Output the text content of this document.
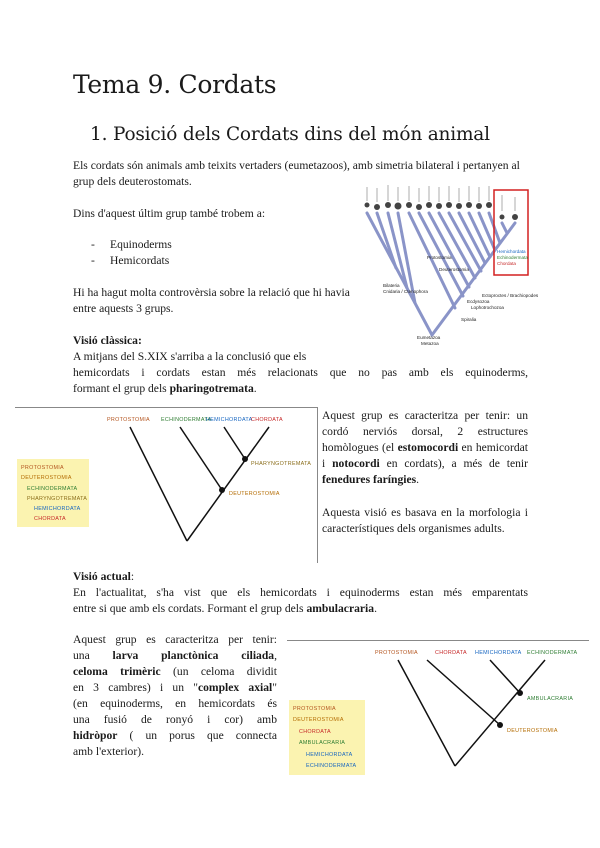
Tema 9. Cordats
1. Posició dels Cordats dins del món animal
Els cordats són animals amb teixits vertaders (eumetazoos), amb simetria bilateral i pertanyen al grup dels deuterostomats.
Dins d'aquest últim grup també trobem a:
- Equinoderms
- Hemicordats
Hi ha hagut molta controvèrsia sobre la relació que hi havia entre aquests 3 grups.
Ectoproctes / Brachiopodes
Deuterostomia
Protostomia
Bilateria
Cnidaria / Ctenophora
Eumetazoa
Ecdysozoa
Lophotrochozoa
Spiralia
Metazoa
Hemichordata
Echinodermata
Chordata
Visió clàssica:
A mitjans del S.XIX s'arriba a la conclusió que els
hemicordats i cordats estan més relacionats que no pas amb els equinoderms,
formant el grup dels pharingotremata.
PROTOSTOMIA ECHINODERMATA
HEMICHORDATA
CHORDATA
PHARYNGOTREMATA
DEUTEROSTOMIA
PROTOSTOMIA
DEUTEROSTOMIA
ECHINODERMATA
PHARYNGOTREMATA
HEMICHORDATA
CHORDATA
Aquest grup es caracteritza per tenir: un cordó nerviós dorsal, 2 estructures homòlogues (el estomocordi en hemicordat i notocordi en cordats), a més de tenir fenedures faríngies.
Aquesta visió es basava en la morfologia i característiques dels organismes adults.
Visió actual:
En l'actualitat, s'ha vist que els hemicordats i equinoderms estan més emparentats
entre si que amb els cordats. Formant el grup dels ambulacraria.
Aquest grup es caracteritza per tenir:
una larva planctònica ciliada,
celoma trimèric (un celoma dividit
en 3 cambres) i un "complex axial"
(en equinoderms, en hemicordats és
una fusió de ronyó i cor) amb
hidròpor ( un porus que connecta
amb l'exterior).
PROTOSTOMIA	CHORDATA HEMICHORDATA ECHINODERMATA
AMBULACRARIA
DEUTEROSTOMIA
PROTOSTOMIA
DEUTEROSTOMIA
CHORDATA
AMBULACRARIA
HEMICHORDATA
ECHINODERMATA
